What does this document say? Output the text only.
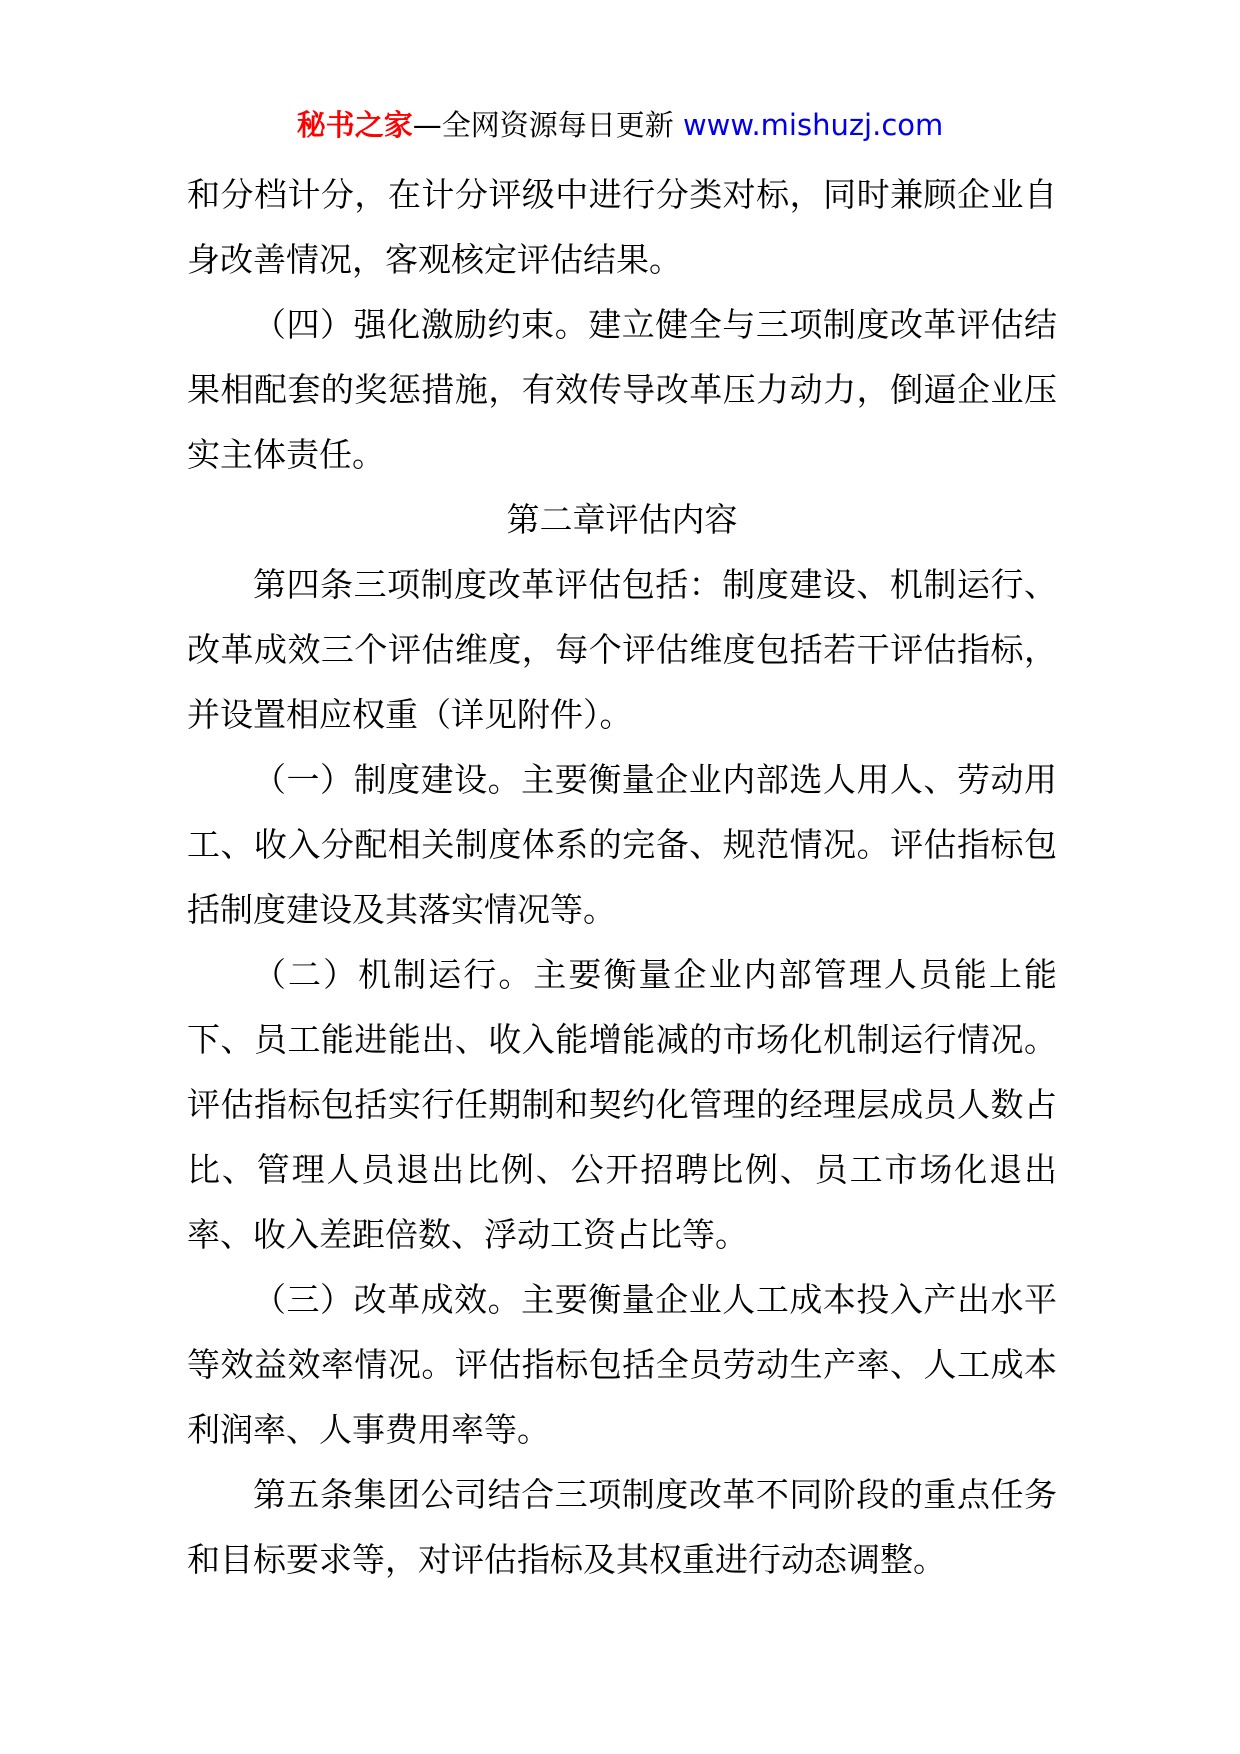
秘书之家—全网资源每日更新 www.mishuzj.com

和分档计分，在计分评级中进行分类对标，同时兼顾企业自身改善情况，客观核定评估结果。

（四）强化激励约束。建立健全与三项制度改革评估结果相配套的奖惩措施，有效传导改革压力动力，倒逼企业压实主体责任。

第二章评估内容

第四条三项制度改革评估包括：制度建设、机制运行、改革成效三个评估维度，每个评估维度包括若干评估指标，并设置相应权重（详见附件）。

（一）制度建设。主要衡量企业内部选人用人、劳动用工、收入分配相关制度体系的完备、规范情况。评估指标包括制度建设及其落实情况等。

（二）机制运行。主要衡量企业内部管理人员能上能下、员工能进能出、收入能增能减的市场化机制运行情况。评估指标包括实行任期制和契约化管理的经理层成员人数占比、管理人员退出比例、公开招聘比例、员工市场化退出率、收入差距倍数、浮动工资占比等。

（三）改革成效。主要衡量企业人工成本投入产出水平等效益效率情况。评估指标包括全员劳动生产率、人工成本利润率、人事费用率等。

第五条集团公司结合三项制度改革不同阶段的重点任务和目标要求等，对评估指标及其权重进行动态调整。
